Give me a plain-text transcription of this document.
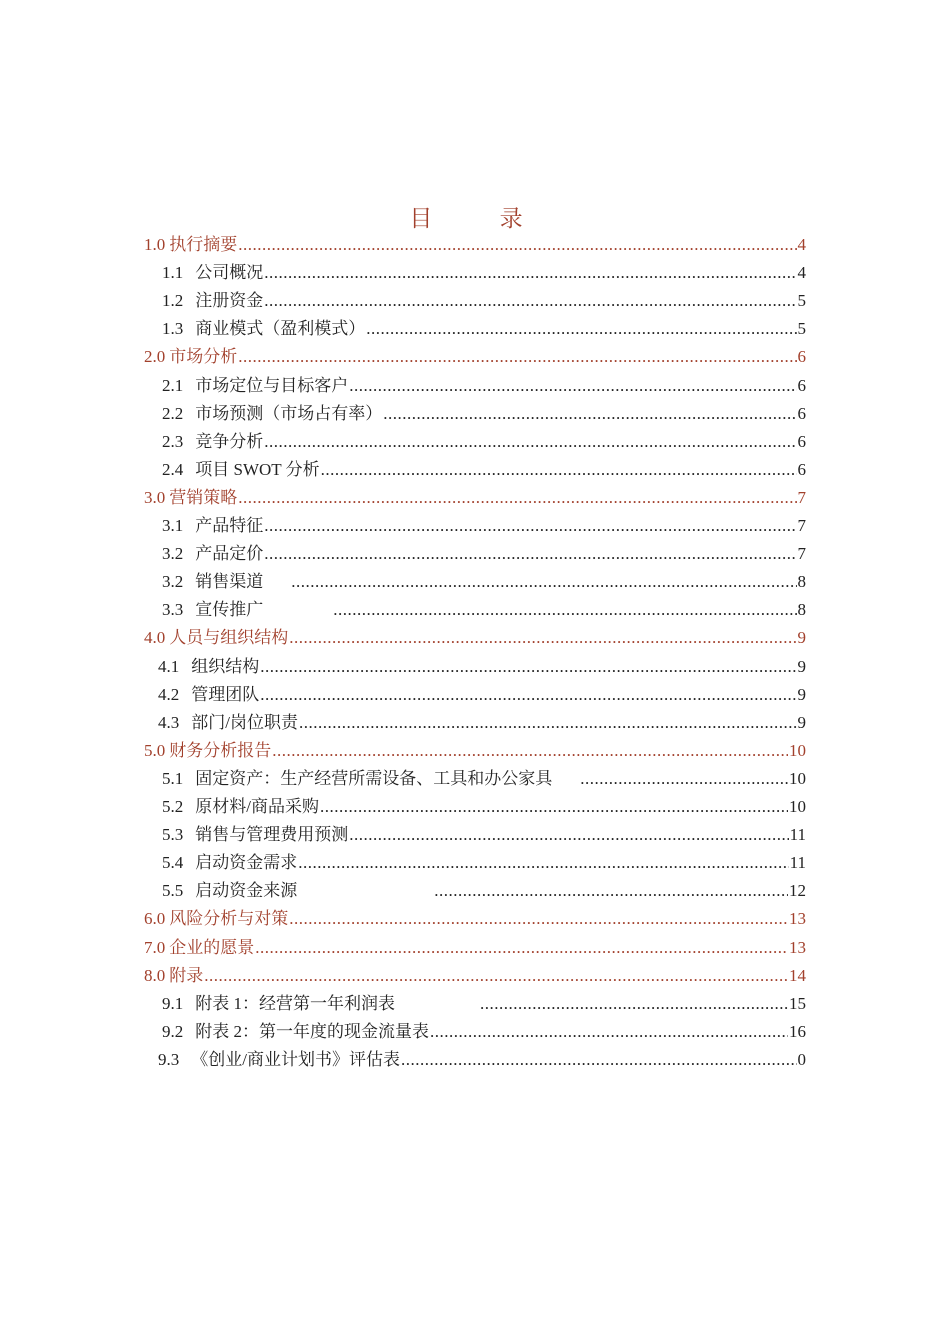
目 录
1.0 执行摘要 .....	4
1.1 公司概况 .....	4
1.2 注册资金 .....	5
1.3 商业模式（盈利模式） .....	5
2.0 市场分析 .....	6
2.1 市场定位与目标客户 .....	6
2.2 市场预测（市场占有率） .....	6
2.3 竞争分析 .....	6
2.4 项目 SWOT 分析 .....	6
3.0 营销策略 .....	7
3.1 产品特征 .....	7
3.2 产品定价 .....	7
3.2 销售渠道 .....	8
3.3 宣传推广 .....	8
4.0 人员与组织结构 .....	9
4.1 组织结构 .....	9
4.2 管理团队 .....	9
4.3 部门/岗位职责 .....	9
5.0 财务分析报告 .....	10
5.1 固定资产：生产经营所需设备、工具和办公家具 .....	10
5.2 原材料/商品采购 .....	10
5.3 销售与管理费用预测 .....	11
5.4 启动资金需求 .....	11
5.5 启动资金来源 .....	12
6.0 风险分析与对策 .....	13
7.0 企业的愿景 .....	13
8.0 附录 .....	14
9.1 附表 1：经营第一年利润表 .....	15
9.2 附表 2：第一年度的现金流量表 .....	16
9.3 《创业/商业计划书》评估表 .....	0
